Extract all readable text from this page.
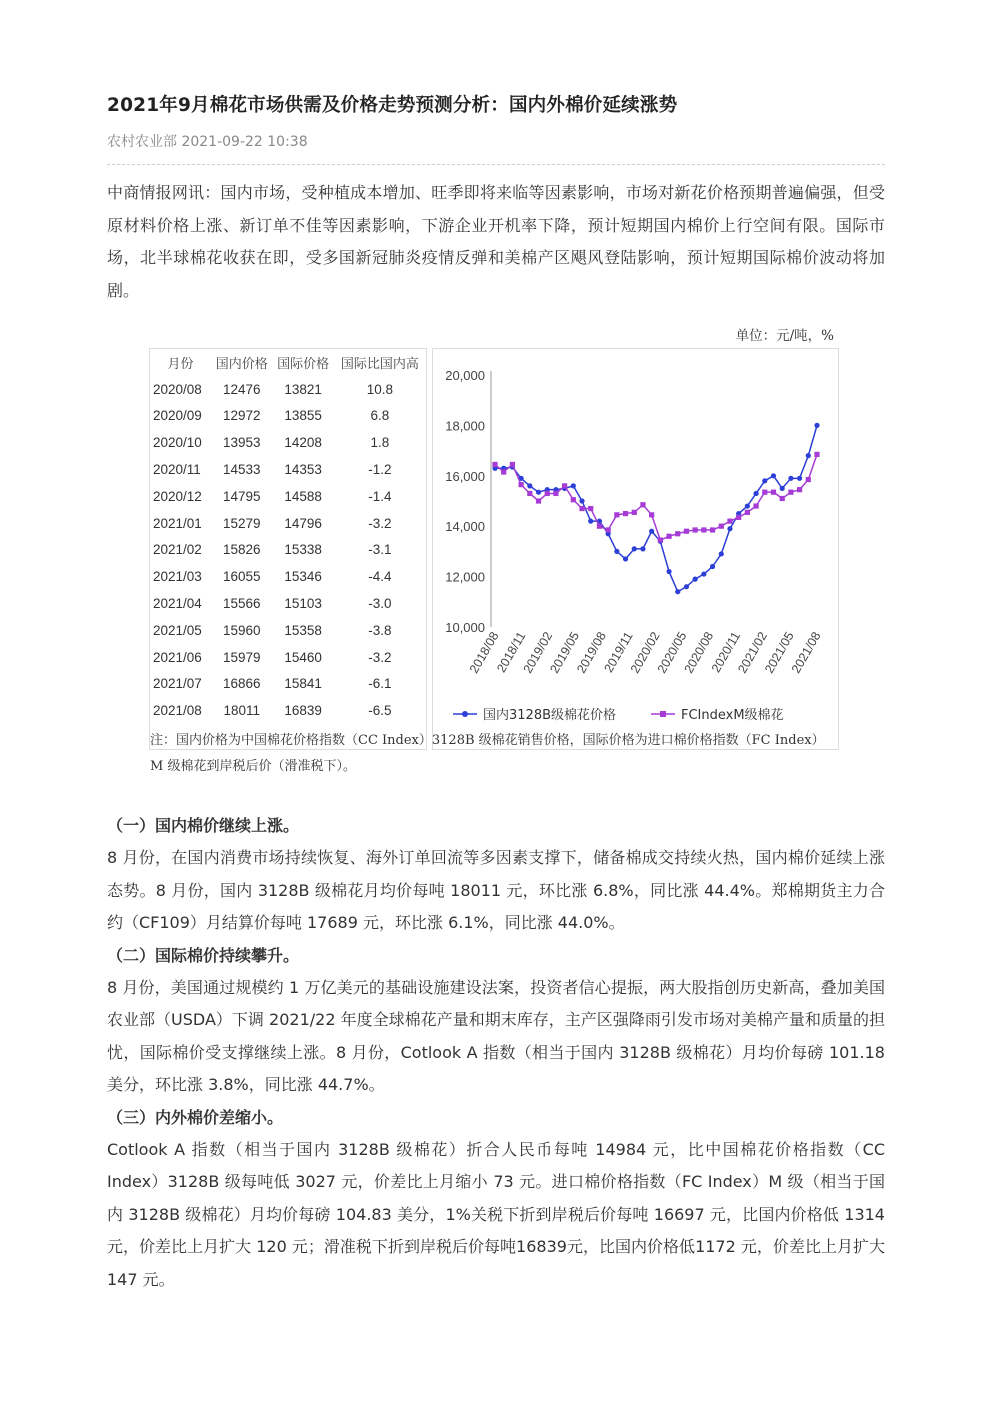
2021年9月棉花市场供需及价格走势预测分析：国内外棉价延续涨势
农村农业部 2021-09-22 10:38

中商情报网讯：国内市场，受种植成本增加、旺季即将来临等因素影响，市场对新花价格预期普遍偏强，但受原材料价格上涨、新订单不佳等因素影响，下游企业开机率下降，预计短期国内棉价上行空间有限。国际市场，北半球棉花收获在即，受多国新冠肺炎疫情反弹和美棉产区飓风登陆影响，预计短期国际棉价波动将加剧。

单位：元/吨，%
月份	国内价格	国际价格	国际比国内高
2020/08	12476	13821	10.8
2020/09	12972	13855	6.8
2020/10	13953	14208	1.8
2020/11	14533	14353	-1.2
2020/12	14795	14588	-1.4
2021/01	15279	14796	-3.2
2021/02	15826	15338	-3.1
2021/03	16055	15346	-4.4
2021/04	15566	15103	-3.0
2021/05	15960	15358	-3.8
2021/06	15979	15460	-3.2
2021/07	16866	15841	-6.1
2021/08	18011	16839	-6.5
10,000
12,000
14,000
16,000
18,000
20,000
2018/08
2018/11
2019/02
2019/05
2019/08
2019/11
2020/02
2020/05
2020/08
2020/11
2021/02
2021/05
2021/08
国内3128B级棉花价格	FCIndexM级棉花
注：国内价格为中国棉花价格指数（CC Index）3128B 级棉花销售价格，国际价格为进口棉价格指数（FC Index） M 级棉花到岸税后价（滑准税下）。

（一）国内棉价继续上涨。

8 月份，在国内消费市场持续恢复、海外订单回流等多因素支撑下，储备棉成交持续火热，国内棉价延续上涨态势。8 月份，国内 3128B 级棉花月均价每吨 18011 元，环比涨 6.8%，同比涨 44.4%。郑棉期货主力合约（CF109）月结算价每吨 17689 元，环比涨 6.1%，同比涨 44.0%。

（二）国际棉价持续攀升。

8 月份，美国通过规模约 1 万亿美元的基础设施建设法案，投资者信心提振，两大股指创历史新高，叠加美国农业部（USDA）下调 2021/22 年度全球棉花产量和期末库存，主产区强降雨引发市场对美棉产量和质量的担忧，国际棉价受支撑继续上涨。8 月份，Cotlook A 指数（相当于国内 3128B 级棉花）月均价每磅 101.18 美分，环比涨 3.8%，同比涨 44.7%。

（三）内外棉价差缩小。

Cotlook A 指数（相当于国内 3128B 级棉花）折合人民币每吨 14984 元，比中国棉花价格指数（CC Index）3128B 级每吨低 3027 元，价差比上月缩小 73 元。进口棉价格指数（FC Index）M 级（相当于国内 3128B 级棉花）月均价每磅 104.83 美分，1%关税下折到岸税后价每吨 16697 元，比国内价格低 1314 元，价差比上月扩大 120 元；滑准税下折到岸税后价每吨16839元，比国内价格低1172 元，价差比上月扩大 147 元。
